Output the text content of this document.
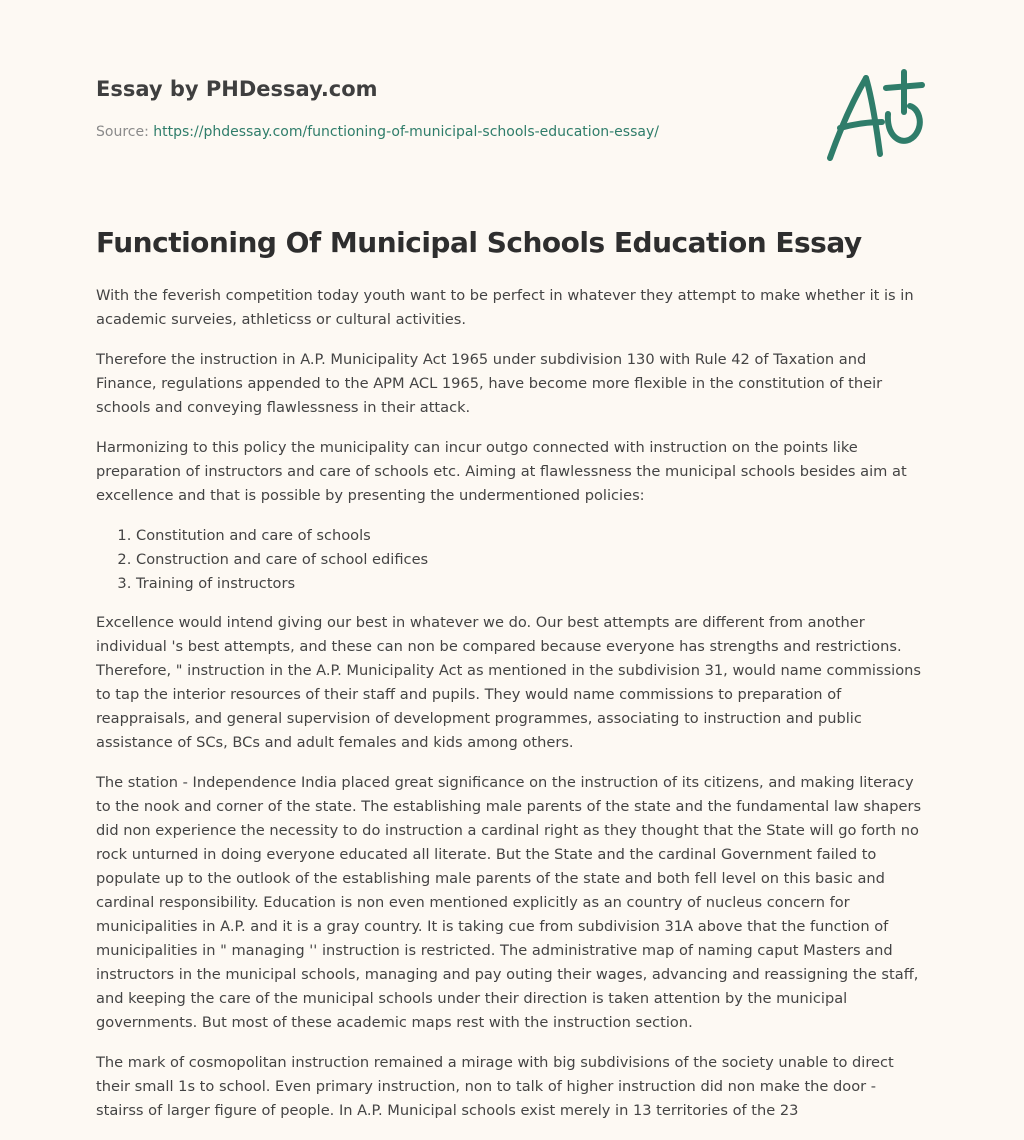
Essay by PHDessay.com
Source: https://phdessay.com/functioning-of-municipal-schools-education-essay/
Functioning Of Municipal Schools Education Essay

With the feverish competition today youth want to be perfect in whatever they attempt to make whether it is in academic surveies, athleticss or cultural activities.

Therefore the instruction in A.P. Municipality Act 1965 under subdivision 130 with Rule 42 of Taxation and Finance, regulations appended to the APM ACL 1965, have become more flexible in the constitution of their schools and conveying flawlessness in their attack.

Harmonizing to this policy the municipality can incur outgo connected with instruction on the points like preparation of instructors and care of schools etc. Aiming at flawlessness the municipal schools besides aim at excellence and that is possible by presenting the undermentioned policies:

1. Constitution and care of schools
2. Construction and care of school edifices
3. Training of instructors

Excellence would intend giving our best in whatever we do. Our best attempts are different from another individual 's best attempts, and these can non be compared because everyone has strengths and restrictions. Therefore, " instruction in the A.P. Municipality Act as mentioned in the subdivision 31, would name commissions to tap the interior resources of their staff and pupils. They would name commissions to preparation of reappraisals, and general supervision of development programmes, associating to instruction and public assistance of SCs, BCs and adult females and kids among others.

The station - Independence India placed great significance on the instruction of its citizens, and making literacy to the nook and corner of the state. The establishing male parents of the state and the fundamental law shapers did non experience the necessity to do instruction a cardinal right as they thought that the State will go forth no rock unturned in doing everyone educated all literate. But the State and the cardinal Government failed to populate up to the outlook of the establishing male parents of the state and both fell level on this basic and cardinal responsibility. Education is non even mentioned explicitly as an country of nucleus concern for municipalities in A.P. and it is a gray country. It is taking cue from subdivision 31A above that the function of municipalities in " managing '' instruction is restricted. The administrative map of naming caput Masters and instructors in the municipal schools, managing and pay outing their wages, advancing and reassigning the staff, and keeping the care of the municipal schools under their direction is taken attention by the municipal governments. But most of these academic maps rest with the instruction section.

The mark of cosmopolitan instruction remained a mirage with big subdivisions of the society unable to direct their small 1s to school. Even primary instruction, non to talk of higher instruction did non make the door - stairss of larger figure of people. In A.P. Municipal schools exist merely in 13 territories of the 23
